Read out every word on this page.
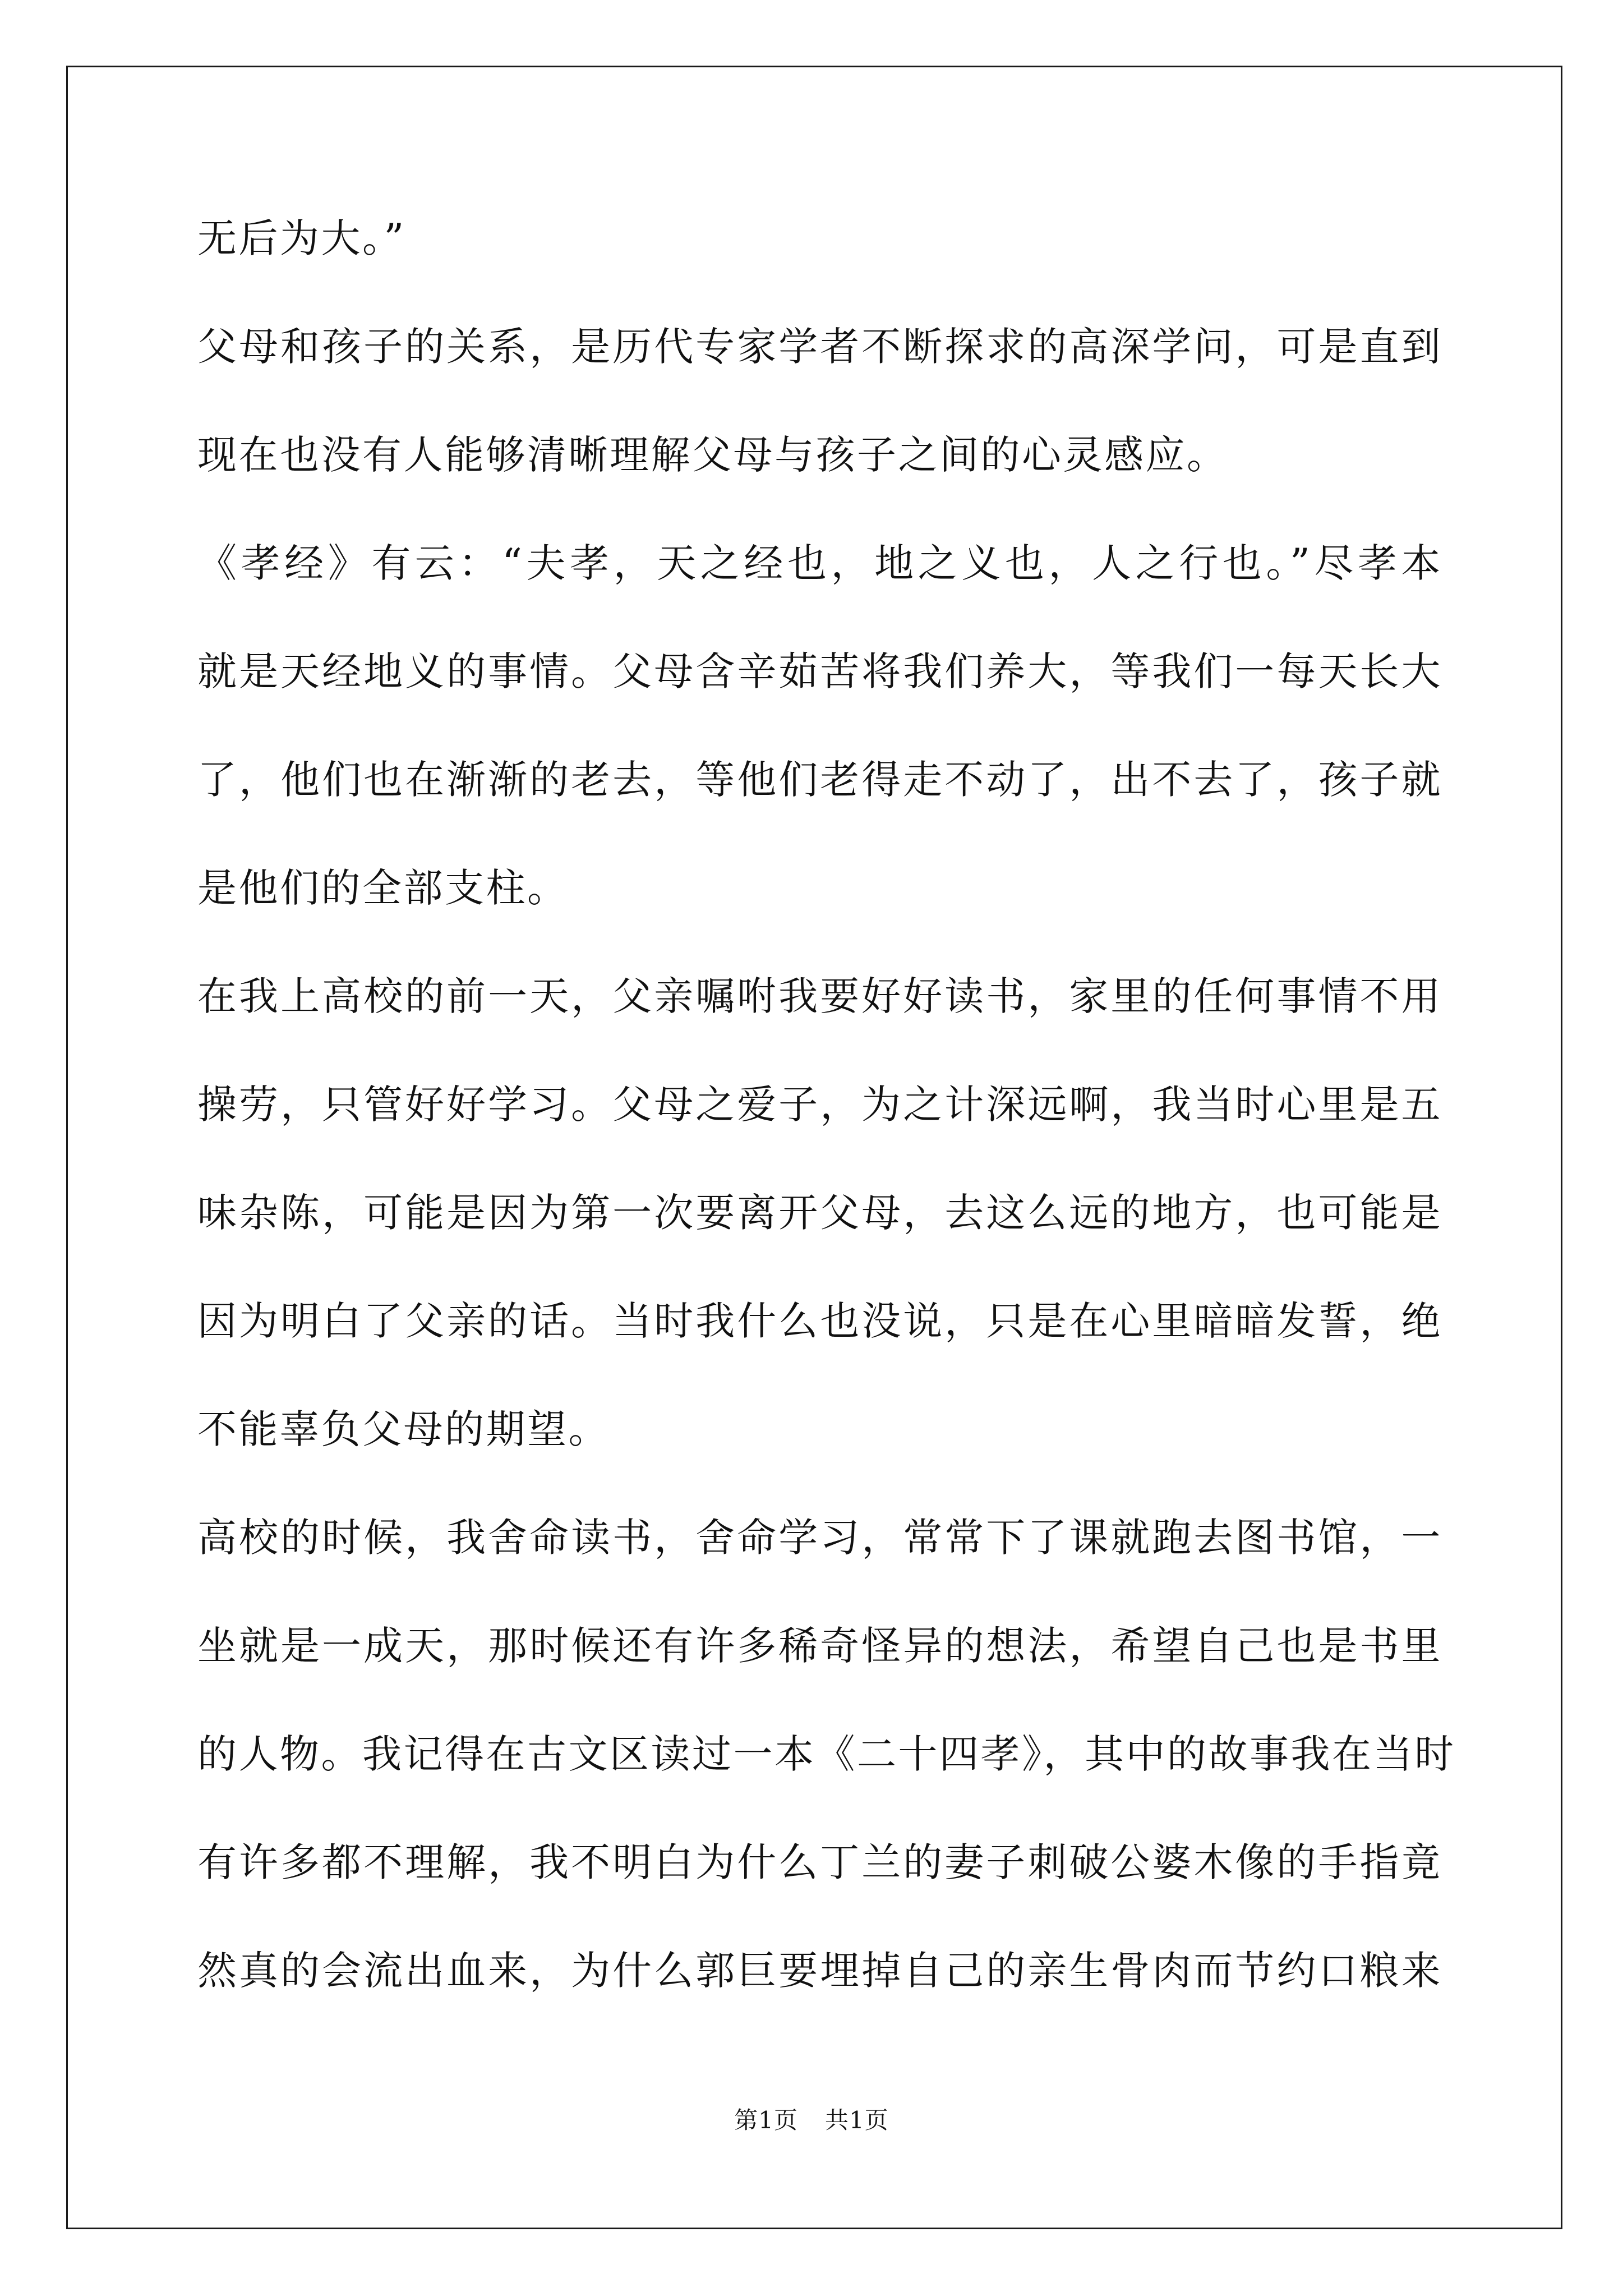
无后为大。”
父母和孩子的关系，是历代专家学者不断探求的高深学问，可是直到
现在也没有人能够清晰理解父母与孩子之间的心灵感应。
《孝经》有云：“夫孝，天之经也，地之义也，人之行也。”尽孝本
就是天经地义的事情。父母含辛茹苦将我们养大，等我们一每天长大
了，他们也在渐渐的老去，等他们老得走不动了，出不去了，孩子就
是他们的全部支柱。
在我上高校的前一天，父亲嘱咐我要好好读书，家里的任何事情不用
操劳，只管好好学习。父母之爱子，为之计深远啊，我当时心里是五
味杂陈，可能是因为第一次要离开父母，去这么远的地方，也可能是
因为明白了父亲的话。当时我什么也没说，只是在心里暗暗发誓，绝
不能辜负父母的期望。
高校的时候，我舍命读书，舍命学习，常常下了课就跑去图书馆，一
坐就是一成天，那时候还有许多稀奇怪异的想法，希望自己也是书里
的人物。我记得在古文区读过一本《二十四孝》，其中的故事我在当时
有许多都不理解，我不明白为什么丁兰的妻子刺破公婆木像的手指竟
然真的会流出血来，为什么郭巨要埋掉自己的亲生骨肉而节约口粮来
第1页 共1页
